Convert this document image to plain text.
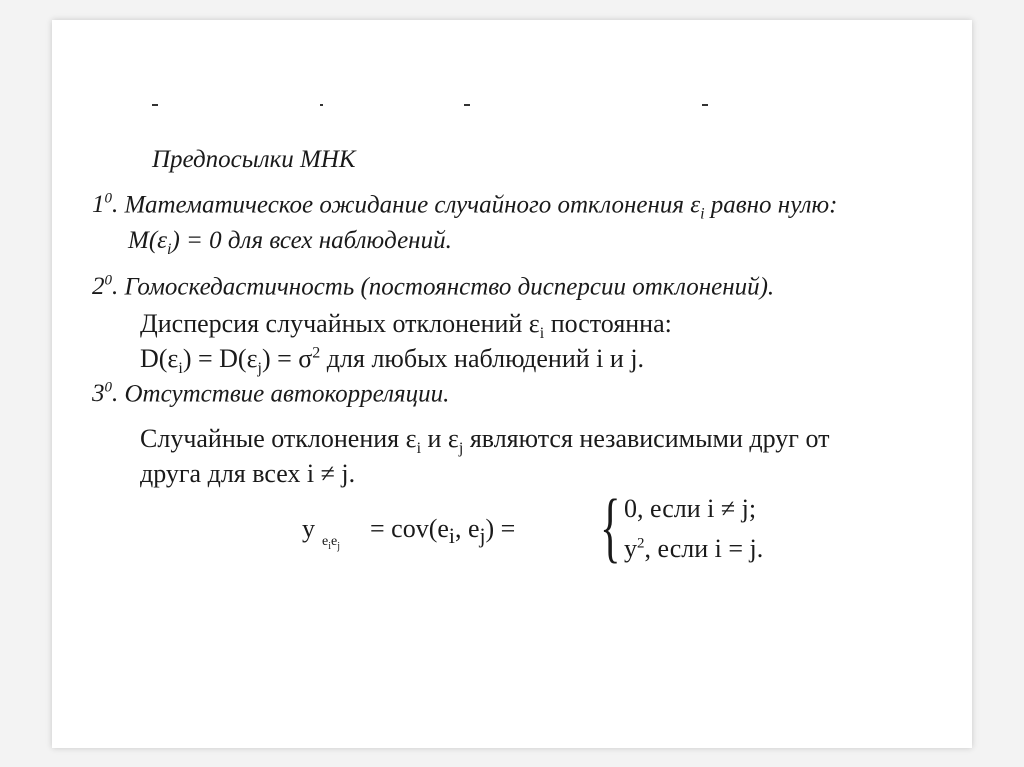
Предпосылки МНК
$1^0$. Математическое ожидание случайного отклонения $\varepsilon_i$ равно нулю:
$M(\varepsilon_i) = 0$ для всех наблюдений.
$2^0$. Гомоскедастичность (постоянство дисперсии отклонений).
Дисперсия случайных отклонений $\varepsilon_i$ постоянна:
$D(\varepsilon_i) = D(\varepsilon_j) = \sigma^2$ для любых наблюдений i и j.
$3^0$. Отсутствие автокорреляции.
Случайные отклонения $\varepsilon_i$ и $\varepsilon_j$ являются независимыми друг от
друга для всех i ≠ j.
y $e_ie_j$
= $cov(e_i$, $e_j$) = { 0, если i ≠ j;
$y^2$, если i = j.
